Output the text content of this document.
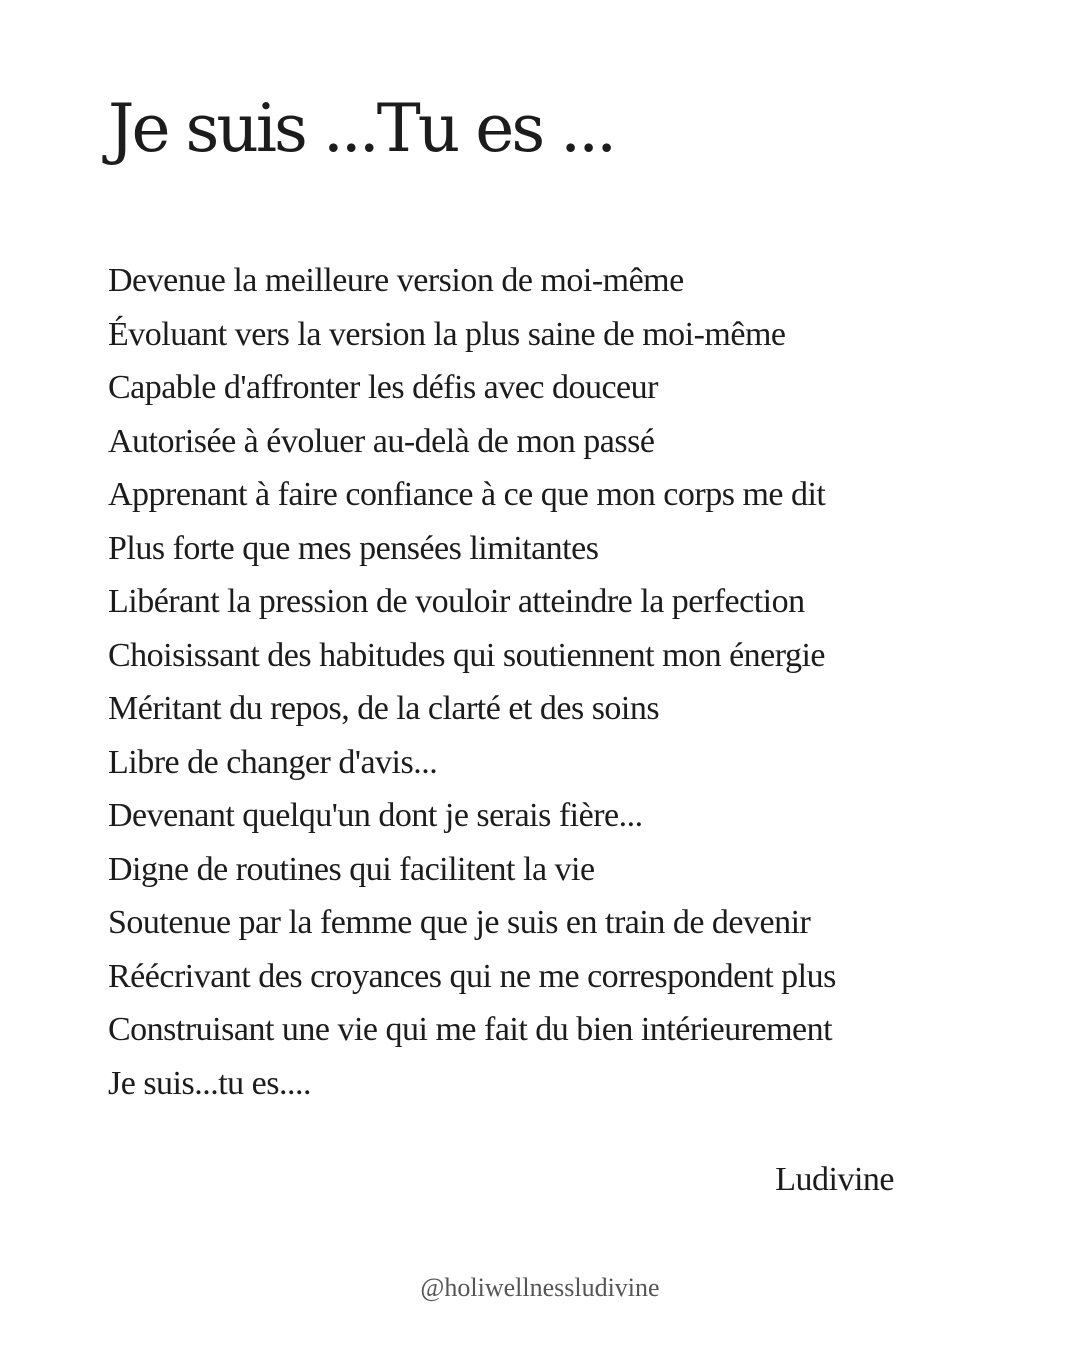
Je suis ...Tu es ...
Devenue la meilleure version de moi-même
Évoluant vers la version la plus saine de moi-même
Capable d'affronter les défis avec douceur
Autorisée à évoluer au-delà de mon passé
Apprenant à faire confiance à ce que mon corps me dit
Plus forte que mes pensées limitantes
Libérant la pression de vouloir atteindre la perfection
Choisissant des habitudes qui soutiennent mon énergie
Méritant du repos, de la clarté et des soins
Libre de changer d'avis...
Devenant quelqu'un dont je serais fière...
Digne de routines qui facilitent la vie
Soutenue par la femme que je suis en train de devenir
Réécrivant des croyances qui ne me correspondent plus
Construisant une vie qui me fait du bien intérieurement
Je suis...tu es....
Ludivine
@holiwellnessludivine
